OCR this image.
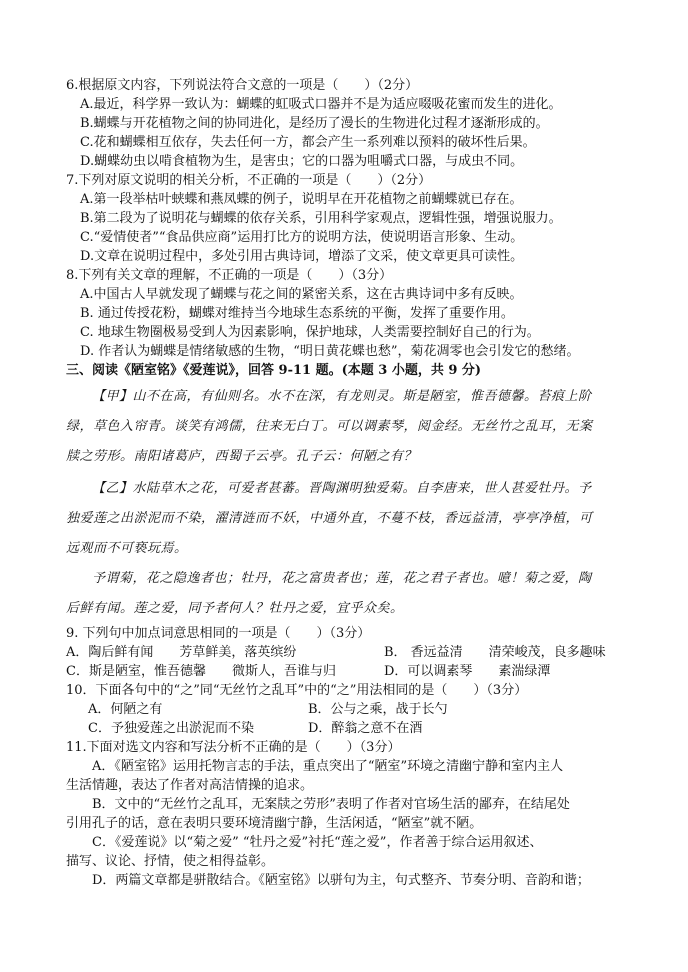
6.根据原文内容，下列说法符合文意的一项是（　　）（2分）
A.最近，科学界一致认为：蝴蝶的虹吸式口器并不是为适应啜吸花蜜而发生的进化。
B.蝴蝶与开花植物之间的协同进化，是经历了漫长的生物进化过程才逐渐形成的。
C.花和蝴蝶相互依存，失去任何一方，都会产生一系列难以预料的破坏性后果。
D.蝴蝶幼虫以啃食植物为生，是害虫；它的口器为咀嚼式口器，与成虫不同。
7.下列对原文说明的相关分析，不正确的一项是（　　）（2分）
A.第一段举枯叶蛱蝶和燕凤蝶的例子，说明早在开花植物之前蝴蝶就已存在。
B.第二段为了说明花与蝴蝶的依存关系，引用科学家观点，逻辑性强，增强说服力。
C.“爱情使者”“食品供应商”运用打比方的说明方法，使说明语言形象、生动。
D.文章在说明过程中，多处引用古典诗词，增添了文采，使文章更具可读性。
8.下列有关文章的理解，不正确的一项是（　　）（3分）
A.中国古人早就发现了蝴蝶与花之间的紧密关系，这在古典诗词中多有反映。
B. 通过传授花粉，蝴蝶对维持当今地球生态系统的平衡，发挥了重要作用。
C. 地球生物圈极易受到人为因素影响，保护地球，人类需要控制好自己的行为。
D. 作者认为蝴蝶是情绪敏感的生物，“明日黄花蝶也愁”，菊花凋零也会引发它的愁绪。
三、阅读《陋室铭》《爱莲说》，回答 9-11 题。(本题 3 小题，共 9 分)
【甲】山不在高，有仙则名。水不在深，有龙则灵。斯是陋室，惟吾德馨。苔痕上阶
绿，草色入帘青。谈笑有鸿儒，往来无白丁。可以调素琴，阅金经。无丝竹之乱耳，无案
牍之劳形。南阳诸葛庐，西蜀子云亭。孔子云：何陋之有？
【乙】水陆草木之花，可爱者甚蕃。晋陶渊明独爱菊。自李唐来，世人甚爱牡丹。予
独爱莲之出淤泥而不染，濯清涟而不妖，中通外直，不蔓不枝，香远益清，亭亭净植，可
远观而不可亵玩焉。
予谓菊，花之隐逸者也；牡丹，花之富贵者也；莲，花之君子者也。噫！菊之爱，陶
后鲜有闻。莲之爱，同予者何人？牡丹之爱，宜乎众矣。
9. 下列句中加点词意思相同的一项是（　　）（3分）
A．陶后鲜有闻　　芳草鲜美，落英缤纷	B． 香远益清　　清荣峻茂，良多趣味
C．斯是陋室，惟吾德馨　　微斯人，吾谁与归	D．可以调素琴　　素湍绿潭
10．下面各句中的“之”同“无丝竹之乱耳”中的“之”用法相同的是（　　）（3分）
A．何陋之有	B．公与之乘，战于长勺
C．予独爱莲之出淤泥而不染	D．醉翁之意不在酒
11.下面对选文内容和写法分析不正确的是（　　）（3分）
A．《陋室铭》运用托物言志的手法，重点突出了“陋室”环境之清幽宁静和室内主人
生活情趣，表达了作者对高洁情操的追求。
B．文中的“无丝竹之乱耳，无案牍之劳形”表明了作者对官场生活的鄙弃，在结尾处
引用孔子的话，意在表明只要环境清幽宁静，生活闲适，“陋室”就不陋。
C．《爱莲说》以“菊之爱” “牡丹之爱”衬托“莲之爱”，作者善于综合运用叙述、
描写、议论、抒情，使之相得益彰。
D．两篇文章都是骈散结合。《陋室铭》以骈句为主，句式整齐、节奏分明、音韵和谐；
